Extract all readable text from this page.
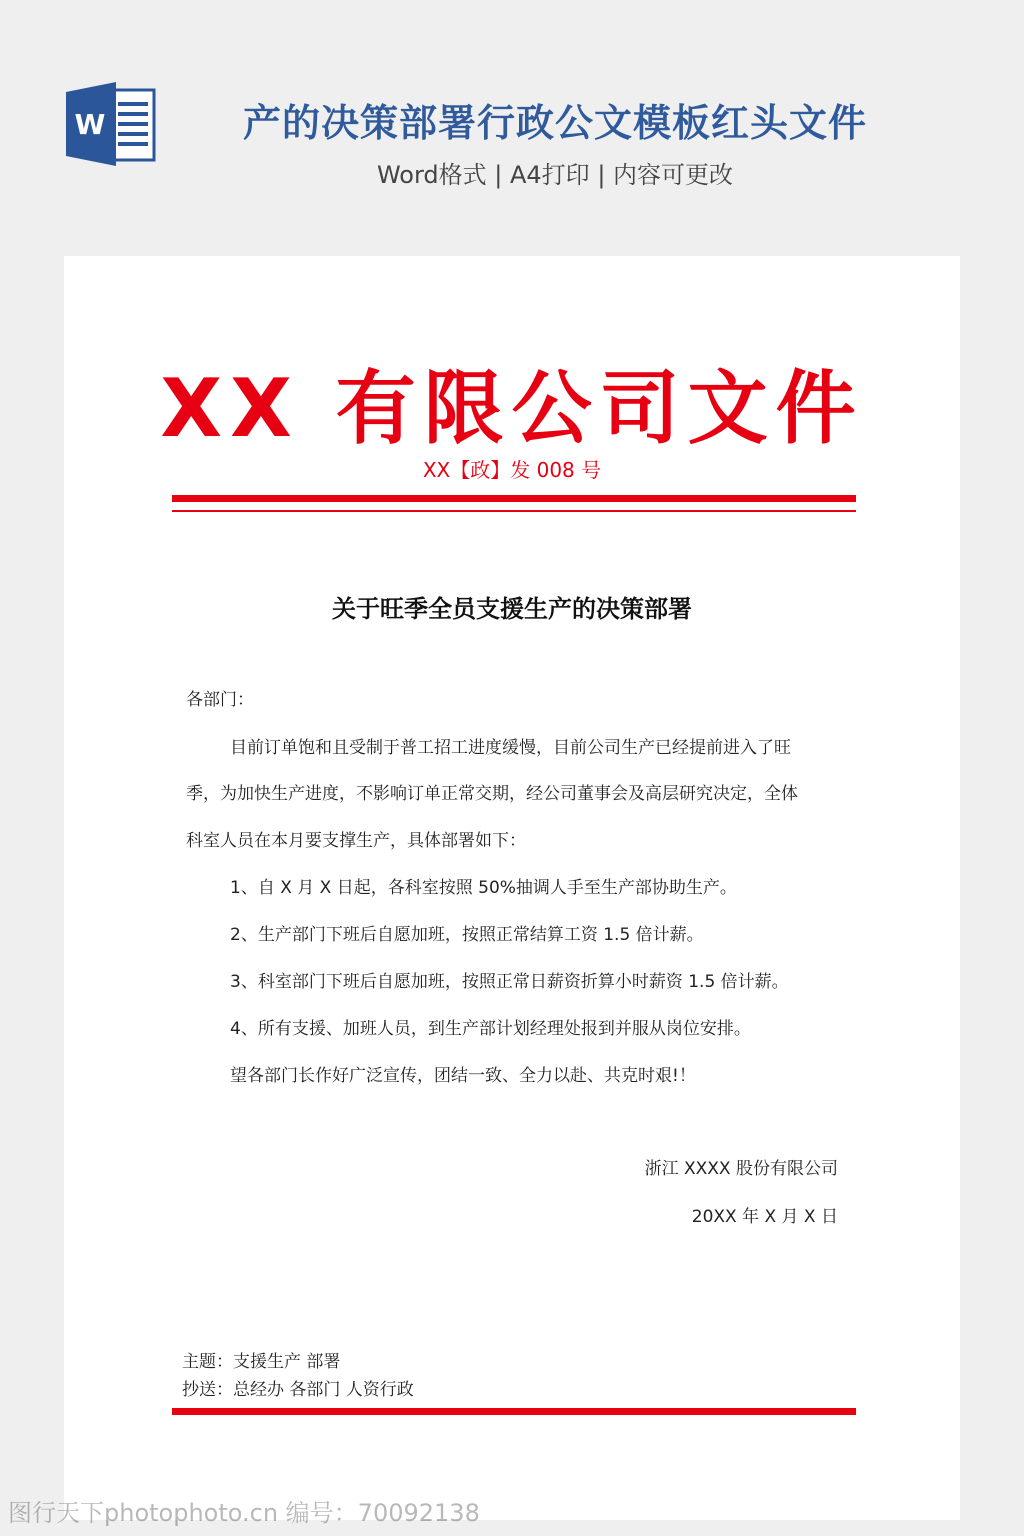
W	产的决策部署行政公文模板红头文件
Word格式 | A4打印 | 内容可更改
XX 有限公司文件
XX【政】发 008 号
关于旺季全员支援生产的决策部署
各部门：
目前订单饱和且受制于普工招工进度缓慢，目前公司生产已经提前进入了旺
季，为加快生产进度，不影响订单正常交期，经公司董事会及高层研究决定，全体
科室人员在本月要支撑生产，具体部署如下：
1、自 X 月 X 日起，各科室按照 50%抽调人手至生产部协助生产。
2、生产部门下班后自愿加班，按照正常结算工资 1.5 倍计薪。
3、科室部门下班后自愿加班，按照正常日薪资折算小时薪资 1.5 倍计薪。
4、所有支援、加班人员，到生产部计划经理处报到并服从岗位安排。
望各部门长作好广泛宣传，团结一致、全力以赴、共克时艰!！
浙江 XXXX 股份有限公司
20XX 年 X 月 X 日
主题：支援生产 部署
抄送：总经办 各部门 人资行政
图行天下photophoto.cn 编号：70092138
